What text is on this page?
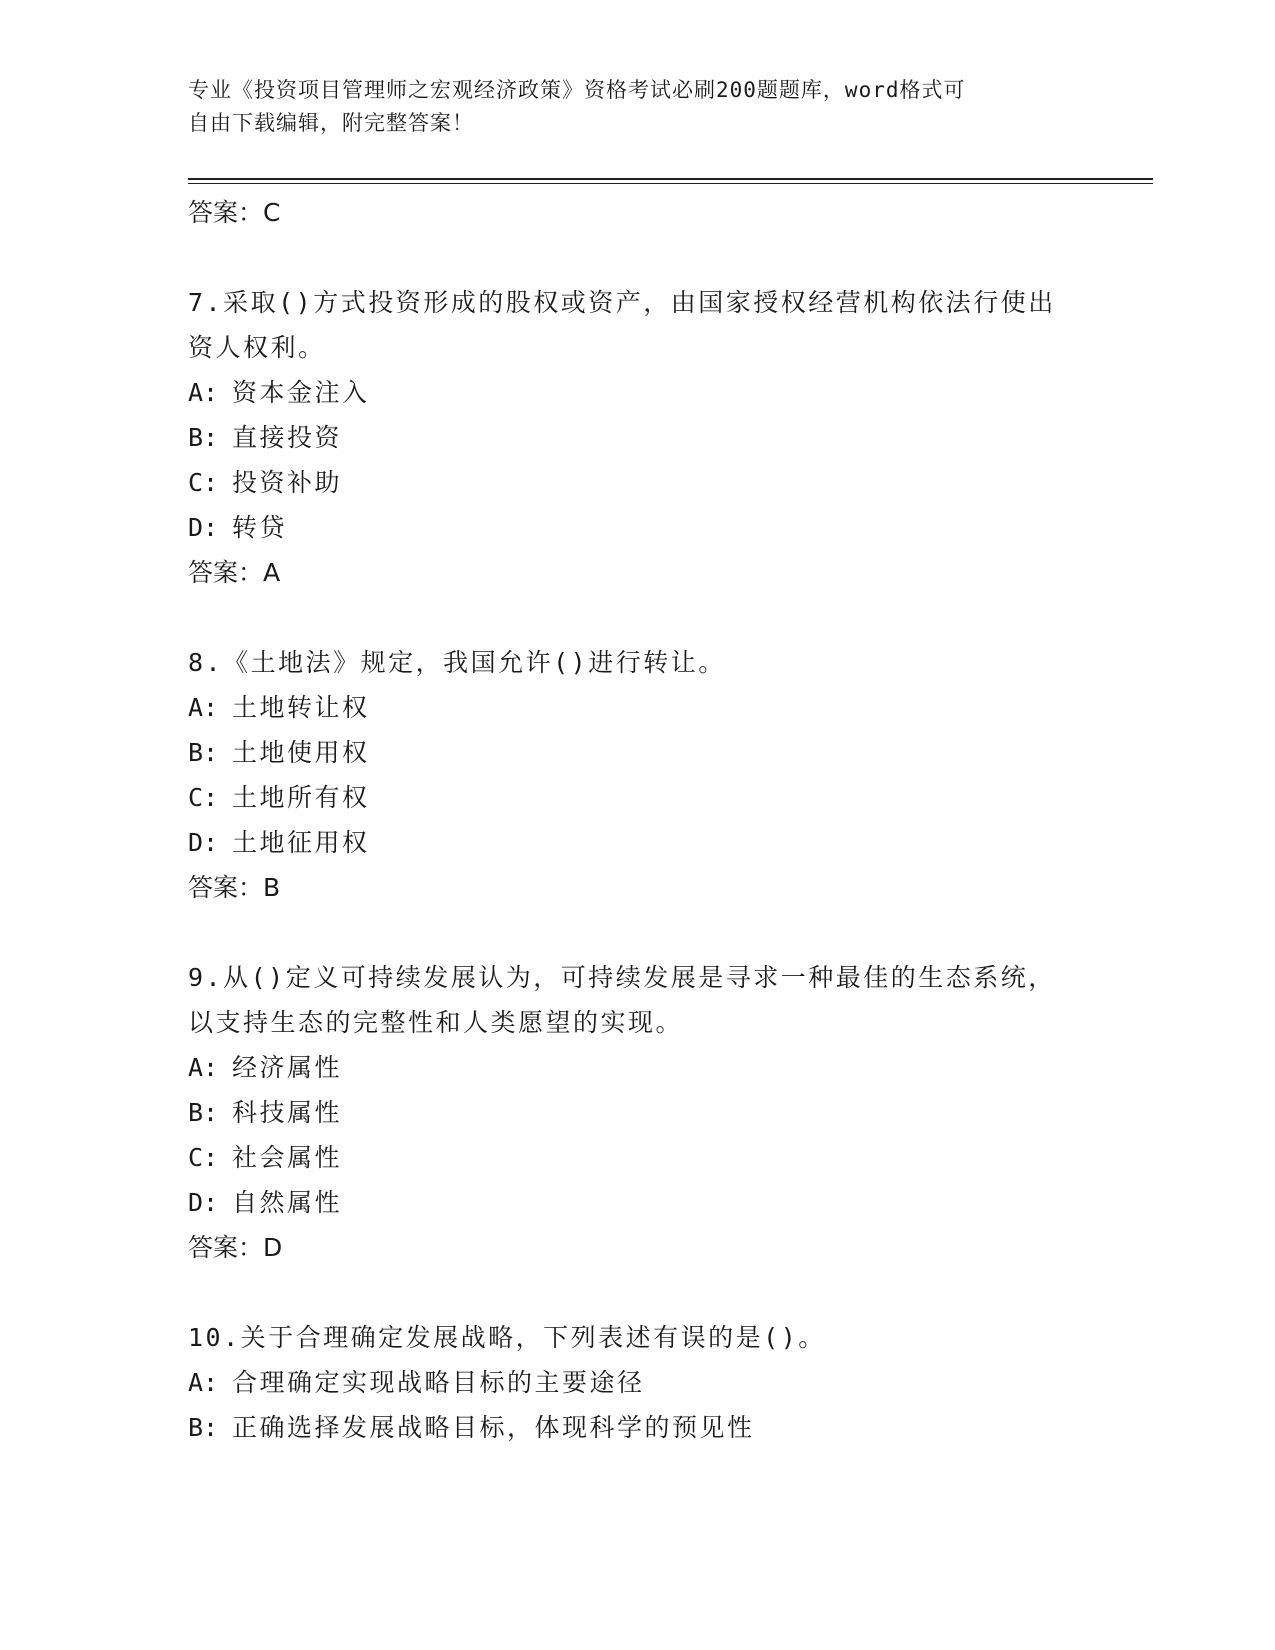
专业《投资项目管理师之宏观经济政策》资格考试必刷200题题库，word格式可
自由下载编辑，附完整答案！
答案：C
7.采取()方式投资形成的股权或资产，由国家授权经营机构依法行使出资人权利。
A: 资本金注入
B: 直接投资
C: 投资补助
D: 转贷
答案：A
8.《土地法》规定，我国允许()进行转让。
A: 土地转让权
B: 土地使用权
C: 土地所有权
D: 土地征用权
答案：B
9.从()定义可持续发展认为，可持续发展是寻求一种最佳的生态系统，以支持生态的完整性和人类愿望的实现。
A: 经济属性
B: 科技属性
C: 社会属性
D: 自然属性
答案：D
10.关于合理确定发展战略，下列表述有误的是()。
A: 合理确定实现战略目标的主要途径
B: 正确选择发展战略目标，体现科学的预见性
